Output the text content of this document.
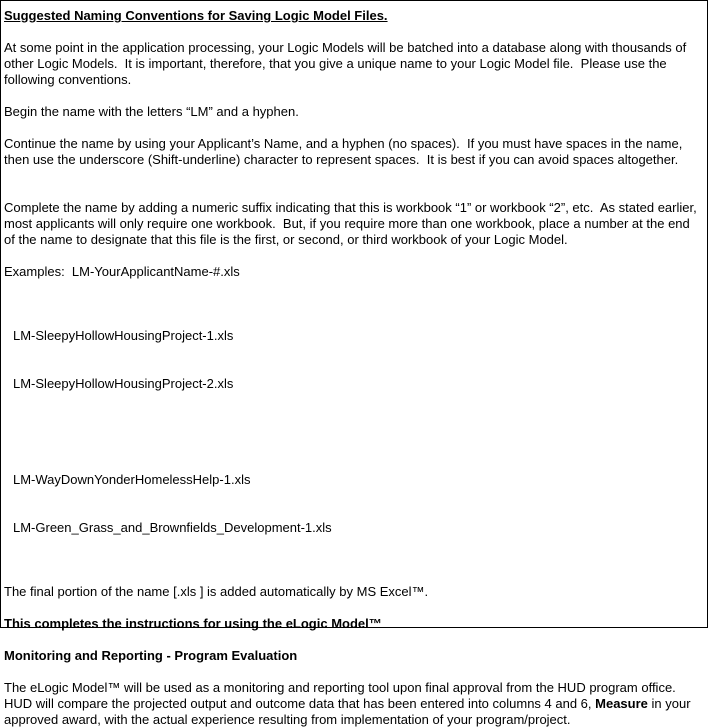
Suggested Naming Conventions for Saving Logic Model Files.

At some point in the application processing, your Logic Models will be batched into a database along with thousands of other Logic Models.  It is important, therefore, that you give a unique name to your Logic Model file.  Please use the following conventions.

Begin the name with the letters “LM” and a hyphen.

Continue the name by using your Applicant’s Name, and a hyphen (no spaces).  If you must have spaces in the name, then use the underscore (Shift-underline) character to represent spaces.  It is best if you can avoid spaces altogether.

Complete the name by adding a numeric suffix indicating that this is workbook “1” or workbook “2”, etc.  As stated earlier, most applicants will only require one workbook.  But, if you require more than one workbook, place a number at the end of the name to designate that this file is the first, or second, or third workbook of your Logic Model.

Examples:  LM-YourApplicantName-#.xls

LM-SleepyHollowHousingProject-1.xls

LM-SleepyHollowHousingProject-2.xls

LM-WayDownYonderHomelessHelp-1.xls

LM-Green_Grass_and_Brownfields_Development-1.xls

The final portion of the name [.xls ] is added automatically by MS Excel™.

This completes the instructions for using the eLogic Model™

Monitoring and Reporting - Program Evaluation

The eLogic Model™ will be used as a monitoring and reporting tool upon final approval from the HUD program office. HUD will compare the projected output and outcome data that has been entered into columns 4 and 6, Measure in your approved award, with the actual experience resulting from implementation of your program/project.
